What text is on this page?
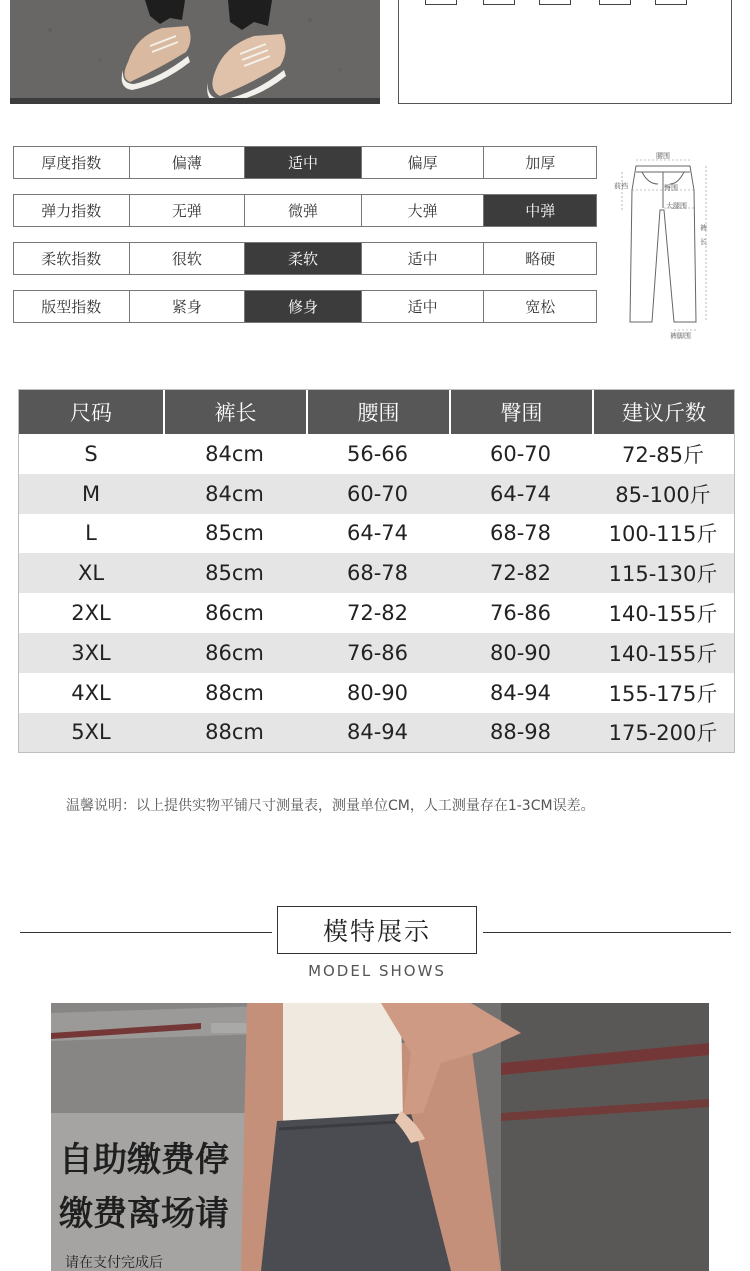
厚度指数	偏薄	适中	偏厚	加厚
弹力指数	无弹	微弹	大弹	中弹
柔软指数	很软	柔软	适中	略硬
版型指数	紧身	修身	适中	宽松
腰围
前裆	臀围
大腿围
裤长
裤脚围
尺码	裤长	腰围	臀围	建议斤数
S	84cm	56-66	60-70	72-85斤
M	84cm	60-70	64-74	85-100斤
L	85cm	64-74	68-78	100-115斤
XL	85cm	68-78	72-82	115-130斤
2XL	86cm	72-82	76-86	140-155斤
3XL	86cm	76-86	80-90	140-155斤
4XL	88cm	80-90	84-94	155-175斤
5XL	88cm	84-94	88-98	175-200斤
温馨说明：以上提供实物平铺尺寸测量表，测量单位CM，人工测量存在1-3CM误差。
模特展示
MODEL SHOWS
自助缴费停
缴费离场请
请在支付完成后
